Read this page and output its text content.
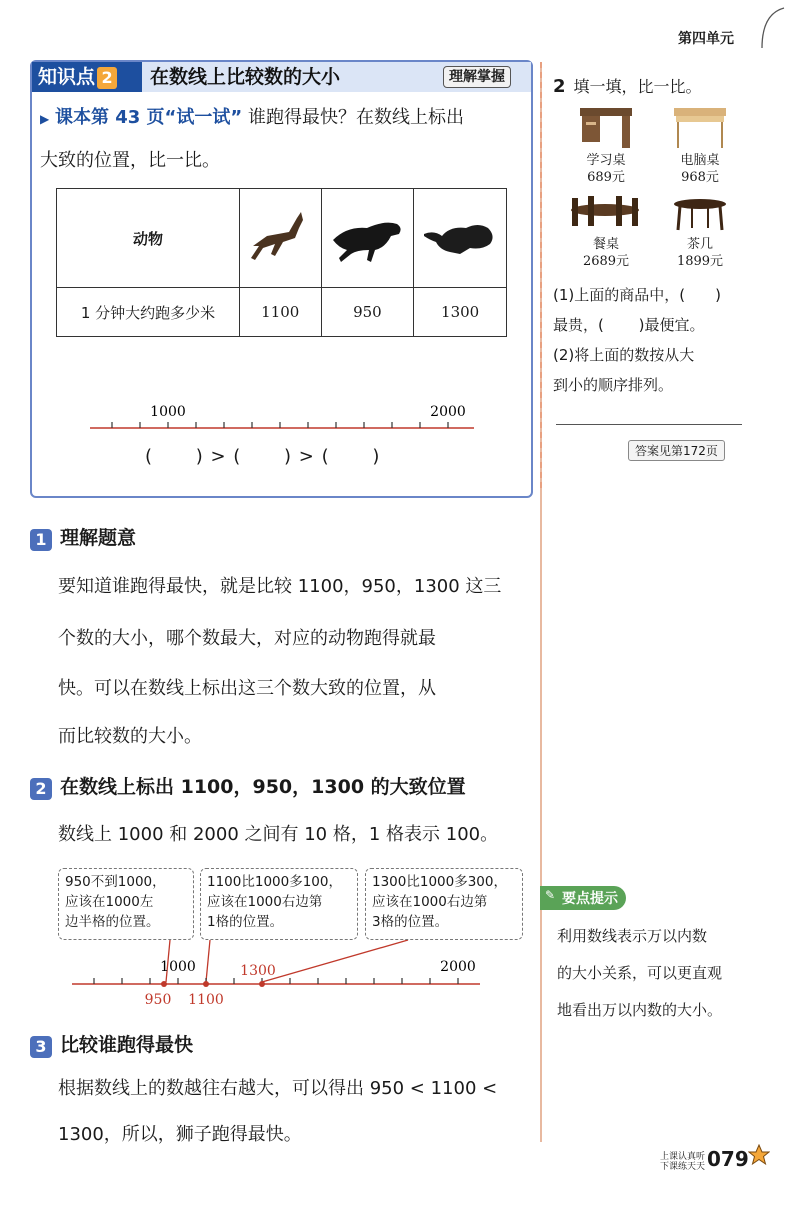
第四单元
知识点 2	在数线上比较数的大小	理解掌握
▶ 课本第 43 页“试一试” 谁跑得最快？在数线上标出
大致的位置，比一比。
动物			
1 分钟大约跑多少米	1100	950	1300
1000	2000
(　　 ) > (　　 ) > (　　 )
1 理解题意
要知道谁跑得最快，就是比较 1100，950，1300 这三
个数的大小，哪个数最大，对应的动物跑得就最
快。可以在数线上标出这三个数大致的位置，从
而比较数的大小。
2 在数线上标出 1100，950，1300 的大致位置
数线上 1000 和 2000 之间有 10 格，1 格表示 100。
950不到1000，
应该在1000左
边半格的位置。
1100比1000多100，
应该在1000右边第
1格的位置。
1300比1000多300，
应该在1000右边第
3格的位置。
1000	2000
1300
950 1100
3 比较谁跑得最快
根据数线上的数越往右越大，可以得出 950 < 1100 <
1300，所以，狮子跑得最快。
2 填一填，比一比。
学习桌
689元
电脑桌
968元
餐桌
2689元
茶几
1899元
(1)上面的商品中，(　　)
最贵，(　　 )最便宜。
(2)将上面的数按从大
到小的顺序排列。
答案见第172页
要点提示
✎
利用数线表示万以内数
的大小关系，可以更直观
地看出万以内数的大小。
上课认真听
下课练天天 079
